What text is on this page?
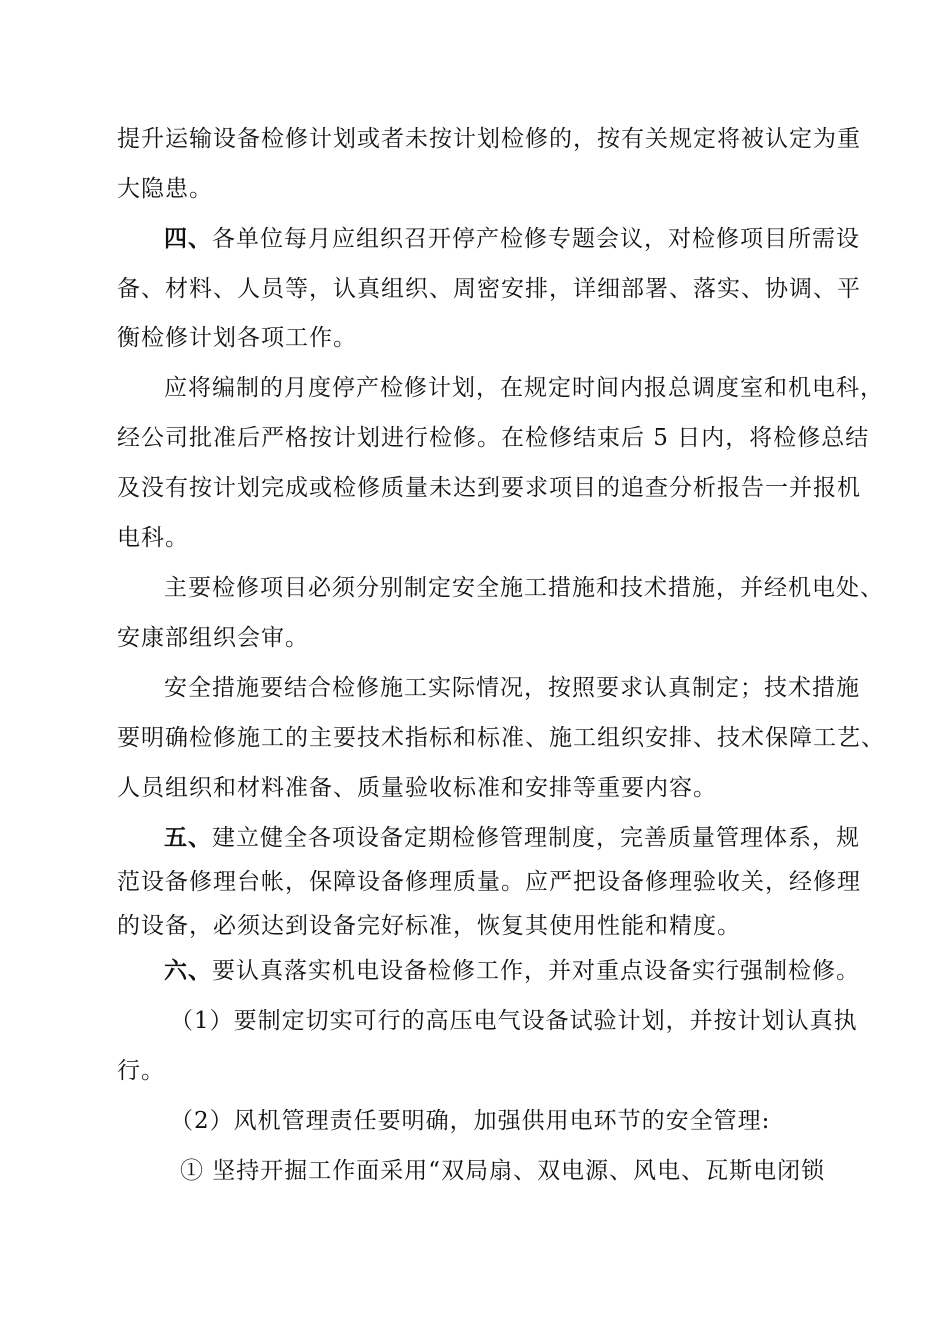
提升运输设备检修计划或者未按计划检修的，按有关规定将被认定为重
大隐患。
四、各单位每月应组织召开停产检修专题会议，对检修项目所需设
备、材料、人员等，认真组织、周密安排，详细部署、落实、协调、平
衡检修计划各项工作。
应将编制的月度停产检修计划，在规定时间内报总调度室和机电科，
经公司批准后严格按计划进行检修。在检修结束后 5 日内，将检修总结
及没有按计划完成或检修质量未达到要求项目的追查分析报告一并报机
电科。
主要检修项目必须分别制定安全施工措施和技术措施，并经机电处、
安康部组织会审。
安全措施要结合检修施工实际情况，按照要求认真制定；技术措施
要明确检修施工的主要技术指标和标准、施工组织安排、技术保障工艺、
人员组织和材料准备、质量验收标准和安排等重要内容。
五、建立健全各项设备定期检修管理制度，完善质量管理体系，规
范设备修理台帐，保障设备修理质量。应严把设备修理验收关，经修理
的设备，必须达到设备完好标准，恢复其使用性能和精度。
六、要认真落实机电设备检修工作，并对重点设备实行强制检修。
（1）要制定切实可行的高压电气设备试验计划，并按计划认真执
行。
（2）风机管理责任要明确，加强供用电环节的安全管理:
① 坚持开掘工作面采用“双局扇、双电源、风电、瓦斯电闭锁
